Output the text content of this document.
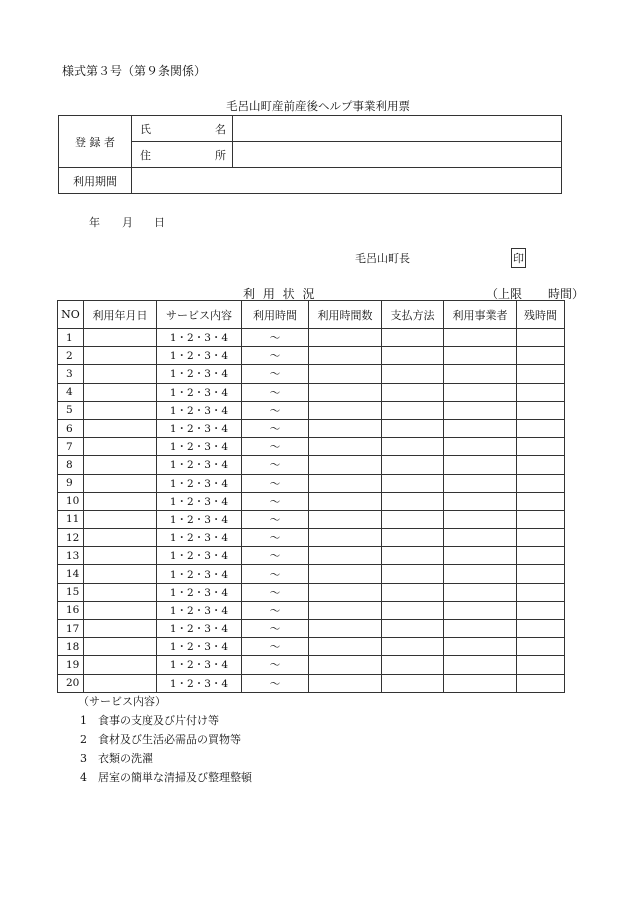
様式第３号（第９条関係）
毛呂山町産前産後ヘルプ事業利用票
登 録 者	氏 名	

	住 所	

利用期間		
年 月 日
毛呂山町長	印
利 用 状 況	（上限 時間）
NO	利用年月日	サービス内容	利用時間	利用時間数	支払方法	利用事業者	残時間
1		1・2・3・4	～				
2		1・2・3・4	～				
3		1・2・3・4	～				
4		1・2・3・4	～				
5		1・2・3・4	～				
6		1・2・3・4	～				
7		1・2・3・4	～				
8		1・2・3・4	～				
9		1・2・3・4	～				
10		1・2・3・4	～				
11		1・2・3・4	～				
12		1・2・3・4	～				
13		1・2・3・4	～				
14		1・2・3・4	～				
15		1・2・3・4	～				
16		1・2・3・4	～				
17		1・2・3・4	～				
18		1・2・3・4	～				
19		1・2・3・4	～				
20		1・2・3・4	～				
（サービス内容）
1　食事の支度及び片付け等
2　食材及び生活必需品の買物等
3　衣類の洗濯
4　居室の簡単な清掃及び整理整頓
